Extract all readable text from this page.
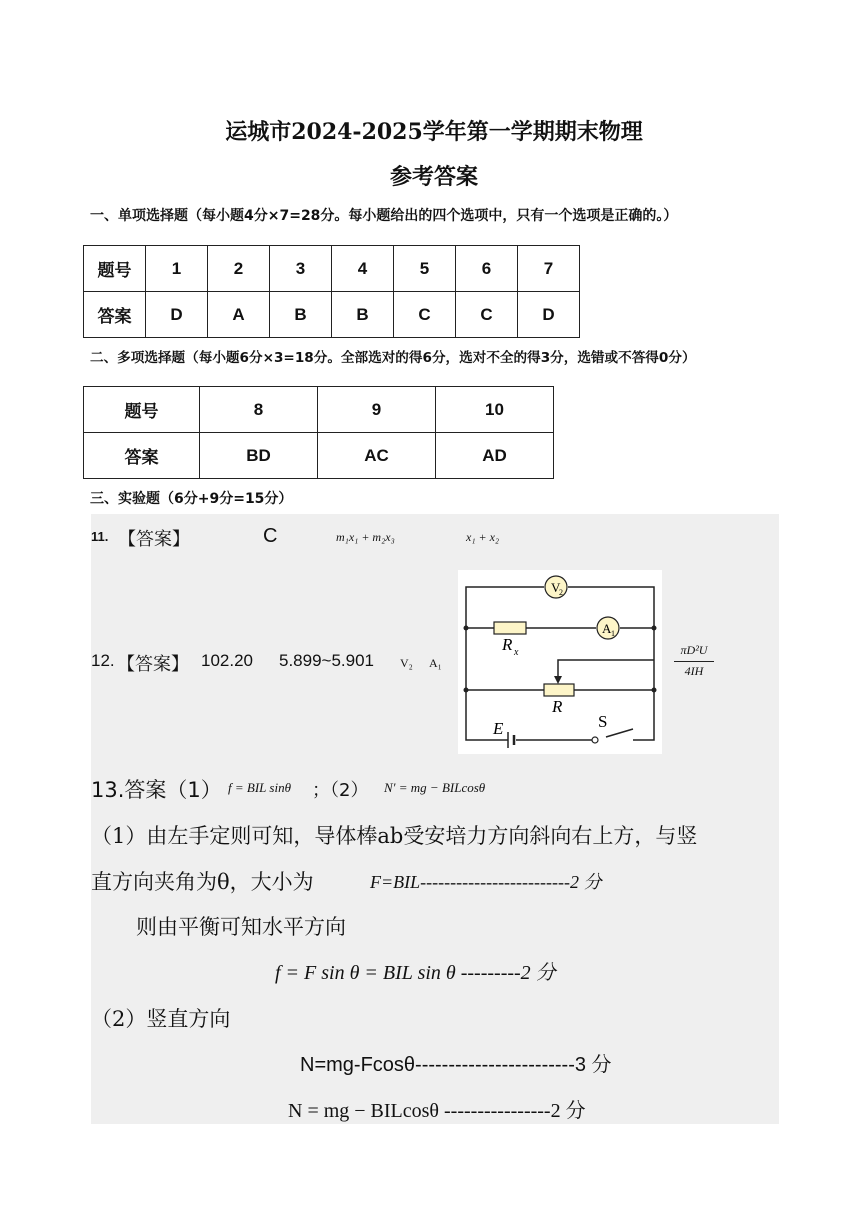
运城市2024-2025学年第一学期期末物理
参考答案
一、单项选择题（每小题4分×7=28分。每小题给出的四个选项中，只有一个选项是正确的。）
题号	1	2	3	4	5	6	7
答案	D	A	B	B	C	C	D
二、多项选择题（每小题6分×3=18分。全部选对的得6分，选对不全的得3分，选错或不答得0分）
题号	8	9	10
答案	BD	AC	AD
三、实验题（6分+9分=15分）
11. 【答案】	C	m₁x₁ + m₂x₃	x₁ + x₂
12. 【答案】 102.20 5.899~5.901 V₂ A₁
V
2
A 1
R x
R
E	S
πD²U
4IH
13.答案（1） f = BIL sinθ ；（2） N′ = mg − BILcosθ
（1）由左手定则可知，导体棒ab受安培力方向斜向右上方，与竖
直方向夹角为θ，大小为	F=BIL-------------------------2 分
则由平衡可知水平方向
f = F sin θ = BIL sin θ ---------2 分
（2）竖直方向
N=mg-Fcosθ------------------------3 分
N = mg − BILcosθ ----------------2 分
